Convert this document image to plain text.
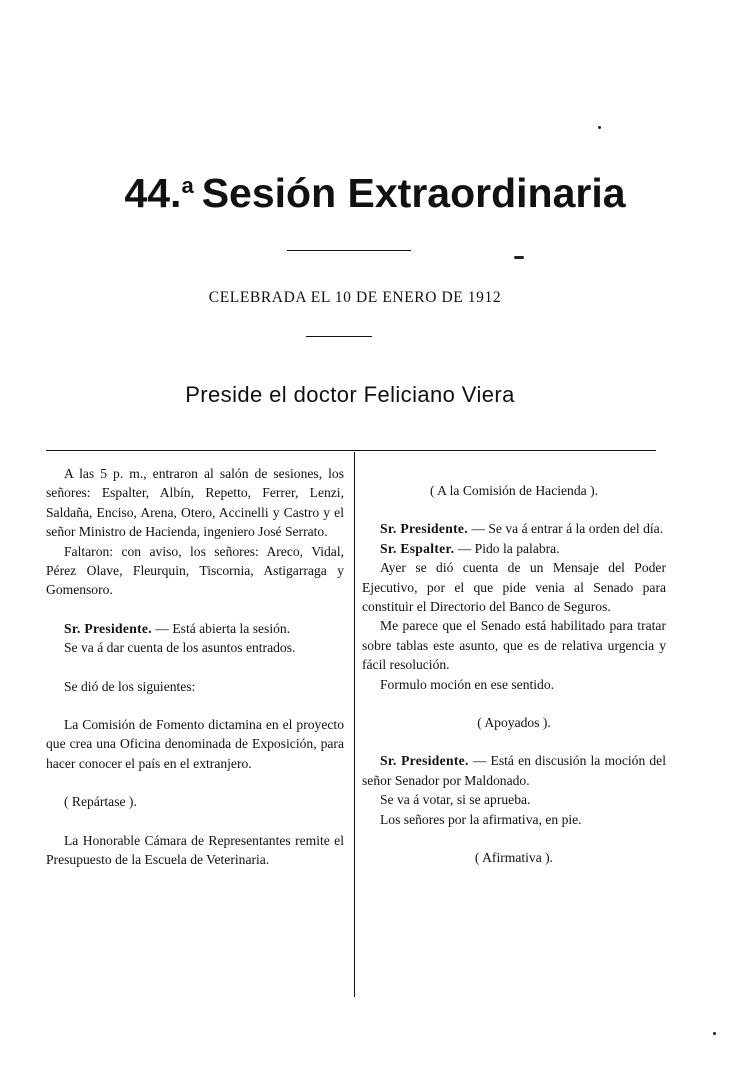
44.$^a$ Sesión Extraordinaria
CELEBRADA EL 10 DE ENERO DE 1912
Preside el doctor Feliciano Viera

A las 5 p. m., entraron al salón de sesiones, los señores: Espalter, Albín, Repetto, Ferrer, Lenzi, Saldaña, Enciso, Arena, Otero, Accinelli y Castro y el señor Ministro de Hacienda, ingeniero José Serrato.

Faltaron: con aviso, los señores: Areco, Vidal, Pérez Olave, Fleurquin, Tiscornia, Astigarraga y Gomensoro.

Sr. Presidente. — Está abierta la sesión.

Se va á dar cuenta de los asuntos entrados.

Se dió de los siguientes:

La Comisión de Fomento dictamina en el proyecto que crea una Oficina denominada de Exposición, para hacer conocer el país en el extranjero.

( Repártase ).

La Honorable Cámara de Representantes remite el Presupuesto de la Escuela de Veterinaria.

( A la Comisión de Hacienda ).

Sr. Presidente. — Se va á entrar á la orden del día.

Sr. Espalter. — Pido la palabra.

Ayer se dió cuenta de un Mensaje del Poder Ejecutivo, por el que pide venia al Senado para constituir el Directorio del Banco de Seguros.

Me parece que el Senado está habilitado para tratar sobre tablas este asunto, que es de relativa urgencia y fácil resolución.

Formulo moción en ese sentido.

( Apoyados ).

Sr. Presidente. — Está en discusión la moción del señor Senador por Maldonado.

Se va á votar, si se aprueba.

Los señores por la afirmativa, en pie.

( Afirmativa ).
